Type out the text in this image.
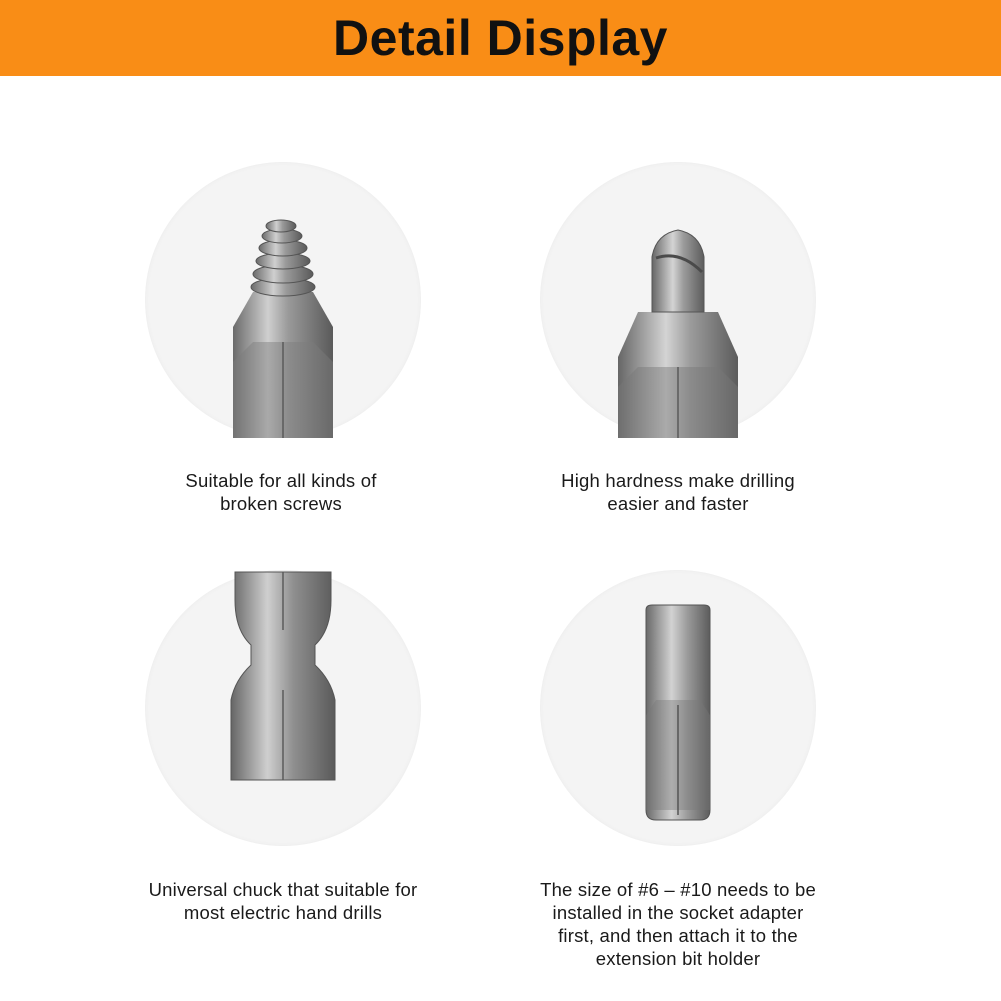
Detail Display
Suitable for all kinds of
broken screws
High hardness make drilling
easier and faster
Universal chuck that suitable for
most electric hand drills
The size of #6 – #10 needs to be
installed in the socket adapter
first, and then attach it to the
extension bit holder
